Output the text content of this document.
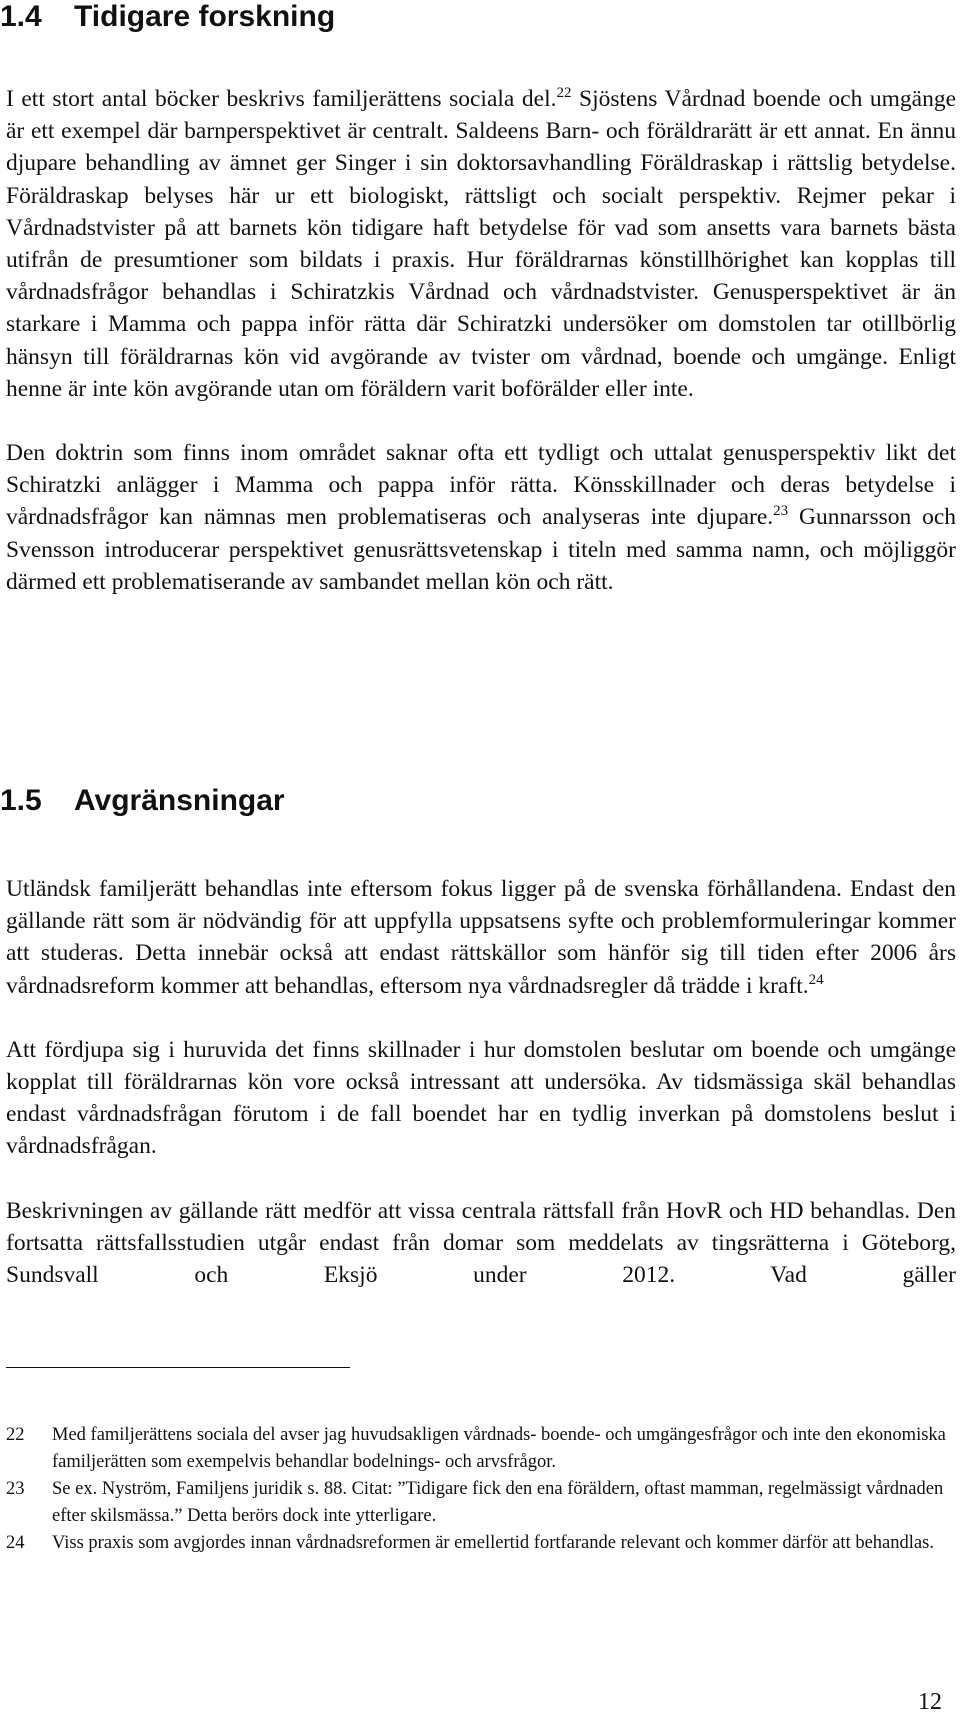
1.4 Tidigare forskning

I ett stort antal böcker beskrivs familjerättens sociala del.$^{22}$ Sjöstens Vårdnad boende och umgänge är ett exempel där barnperspektivet är centralt. Saldeens Barn- och föräldrarätt är ett annat. En ännu djupare behandling av ämnet ger Singer i sin doktorsavhandling Föräldraskap i rättslig betydelse. Föräldraskap belyses här ur ett biologiskt, rättsligt och socialt perspektiv. Rejmer pekar i Vårdnadstvister på att barnets kön tidigare haft betydelse för vad som ansetts vara barnets bästa utifrån de presumtioner som bildats i praxis. Hur föräldrarnas könstillhörighet kan kopplas till vårdnadsfrågor behandlas i Schiratzkis Vårdnad och vårdnadstvister. Genusperspektivet är än starkare i Mamma och pappa inför rätta där Schiratzki undersöker om domstolen tar otillbörlig hänsyn till föräldrarnas kön vid avgörande av tvister om vårdnad, boende och umgänge. Enligt henne är inte kön avgörande utan om föräldern varit boförälder eller inte.

Den doktrin som finns inom området saknar ofta ett tydligt och uttalat genusperspektiv likt det Schiratzki anlägger i Mamma och pappa inför rätta. Könsskillnader och deras betydelse i vårdnadsfrågor kan nämnas men problematiseras och analyseras inte djupare.$^{23}$ Gunnarsson och Svensson introducerar perspektivet genusrättsvetenskap i titeln med samma namn, och möjliggör därmed ett problematiserande av sambandet mellan kön och rätt.

1.5 Avgränsningar

Utländsk familjerätt behandlas inte eftersom fokus ligger på de svenska förhållandena. Endast den gällande rätt som är nödvändig för att uppfylla uppsatsens syfte och problemformuleringar kommer att studeras. Detta innebär också att endast rättskällor som hänför sig till tiden efter 2006 års vårdnadsreform kommer att behandlas, eftersom nya vårdnadsregler då trädde i kraft.$^{24}$

Att fördjupa sig i huruvida det finns skillnader i hur domstolen beslutar om boende och umgänge kopplat till föräldrarnas kön vore också intressant att undersöka. Av tidsmässiga skäl behandlas endast vårdnadsfrågan förutom i de fall boendet har en tydlig inverkan på domstolens beslut i vårdnadsfrågan.

Beskrivningen av gällande rätt medför att vissa centrala rättsfall från HovR och HD behandlas. Den fortsatta rättsfallsstudien utgår endast från domar som meddelats av tingsrätterna i Göteborg, Sundsvall och Eksjö under 2012. Vad gäller

22	Med familjerättens sociala del avser jag huvudsakligen vårdnads- boende- och umgängesfrågor och inte den ekonomiska familjerätten som exempelvis behandlar bodelnings- och arvsfrågor.
23	Se ex. Nyström, Familjens juridik s. 88. Citat: ”Tidigare fick den ena föräldern, oftast mamman, regelmässigt vårdnaden efter skilsmässa.” Detta berörs dock inte ytterligare.
24	Viss praxis som avgjordes innan vårdnadsreformen är emellertid fortfarande relevant och kommer därför att behandlas.
12
